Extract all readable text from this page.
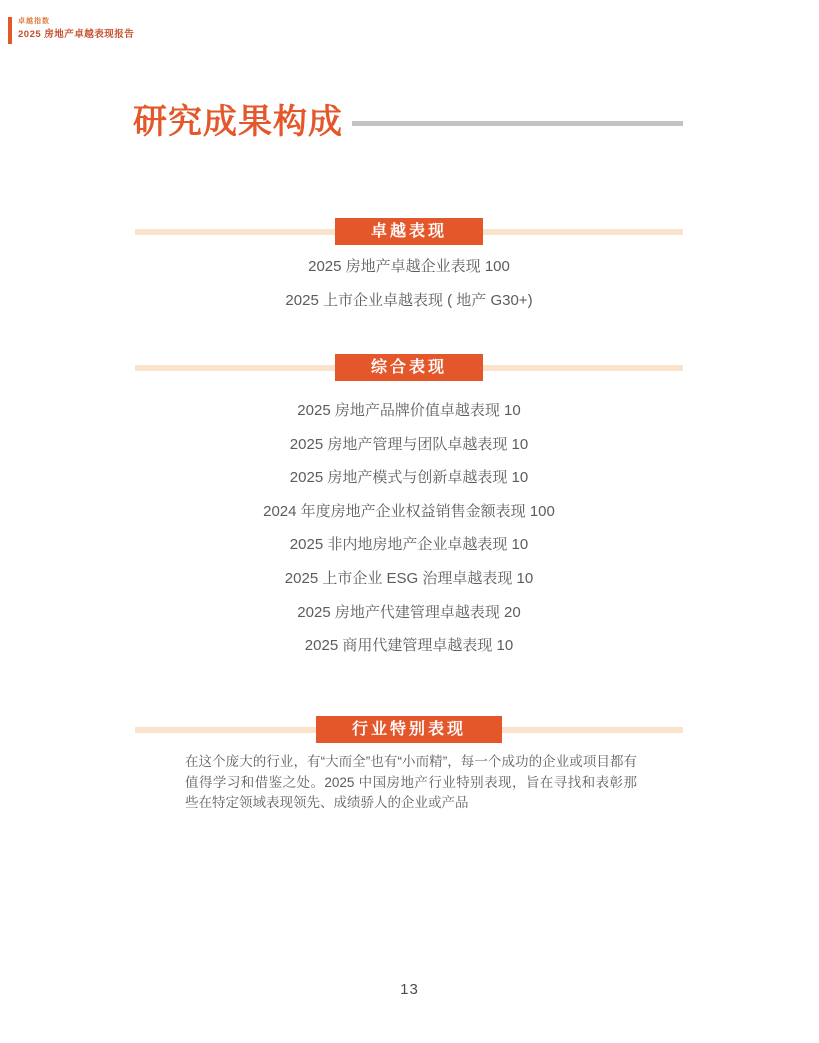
卓越指数
2025 房地产卓越表现报告
研究成果构成
卓越表现
2025 房地产卓越企业表现 100
2025 上市企业卓越表现 ( 地产 G30+)
综合表现
2025 房地产品牌价值卓越表现 10
2025 房地产管理与团队卓越表现 10
2025 房地产模式与创新卓越表现 10
2024 年度房地产企业权益销售金额表现 100
2025 非内地房地产企业卓越表现 10
2025 上市企业 ESG 治理卓越表现 10
2025 房地产代建管理卓越表现 20
2025 商用代建管理卓越表现 10
行业特别表现

在这个庞大的行业，有“大而全”也有“小而精”，每一个成功的企业或项目都有值得学习和借鉴之处。2025 中国房地产行业特别表现，旨在寻找和表彰那些在特定领域表现领先、成绩骄人的企业或产品

13
